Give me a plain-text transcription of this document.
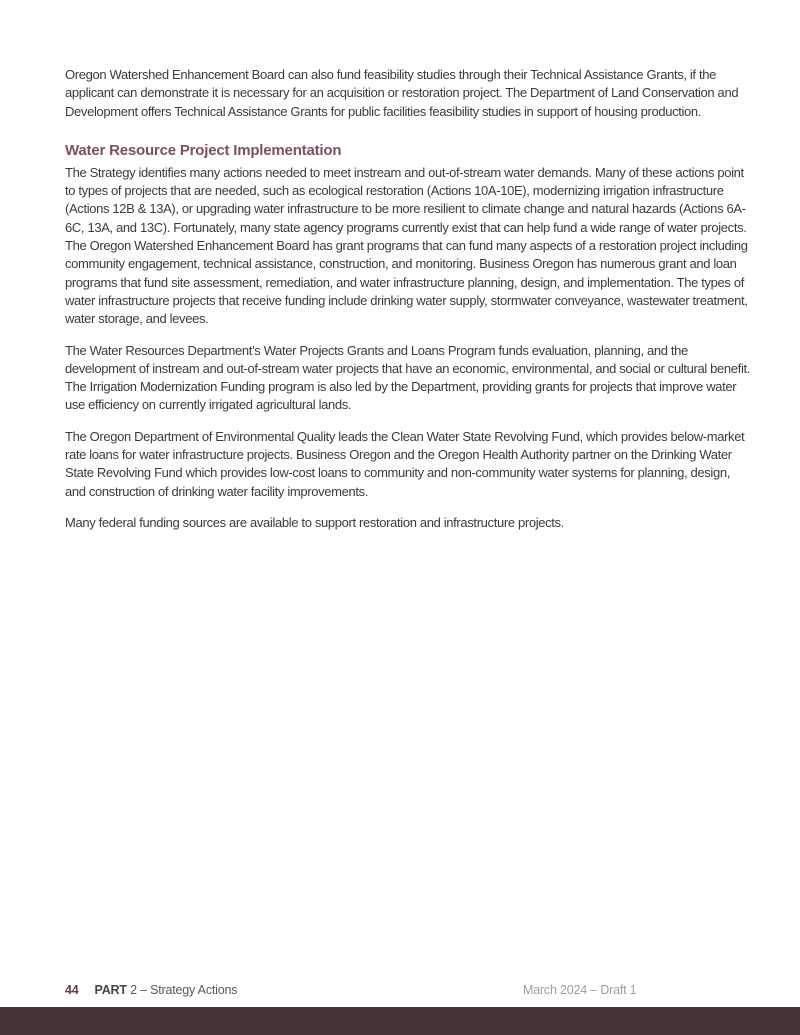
Oregon Watershed Enhancement Board can also fund feasibility studies through their Technical Assistance Grants, if the applicant can demonstrate it is necessary for an acquisition or restoration project. The Department of Land Conservation and Development offers Technical Assistance Grants for public facilities feasibility studies in support of housing production.

Water Resource Project Implementation

The Strategy identifies many actions needed to meet instream and out-of-stream water demands. Many of these actions point to types of projects that are needed, such as ecological restoration (Actions 10A-10E), modernizing irrigation infrastructure (Actions 12B & 13A), or upgrading water infrastructure to be more resilient to climate change and natural hazards (Actions 6A-6C, 13A, and 13C). Fortunately, many state agency programs currently exist that can help fund a wide range of water projects. The Oregon Watershed Enhancement Board has grant programs that can fund many aspects of a restoration project including community engagement, technical assistance, construction, and monitoring. Business Oregon has numerous grant and loan programs that fund site assessment, remediation, and water infrastructure planning, design, and implementation. The types of water infrastructure projects that receive funding include drinking water supply, stormwater conveyance, wastewater treatment, water storage, and levees.

The Water Resources Department’s Water Projects Grants and Loans Program funds evaluation, planning, and the development of instream and out-of-stream water projects that have an economic, environmental, and social or cultural benefit. The Irrigation Modernization Funding program is also led by the Department, providing grants for projects that improve water use efficiency on currently irrigated agricultural lands.

The Oregon Department of Environmental Quality leads the Clean Water State Revolving Fund, which provides below-market rate loans for water infrastructure projects. Business Oregon and the Oregon Health Authority partner on the Drinking Water State Revolving Fund which provides low-cost loans to community and non-community water systems for planning, design, and construction of drinking water facility improvements.

Many federal funding sources are available to support restoration and infrastructure projects.

44 PART 2 – Strategy Actions	March 2024 – Draft 1
